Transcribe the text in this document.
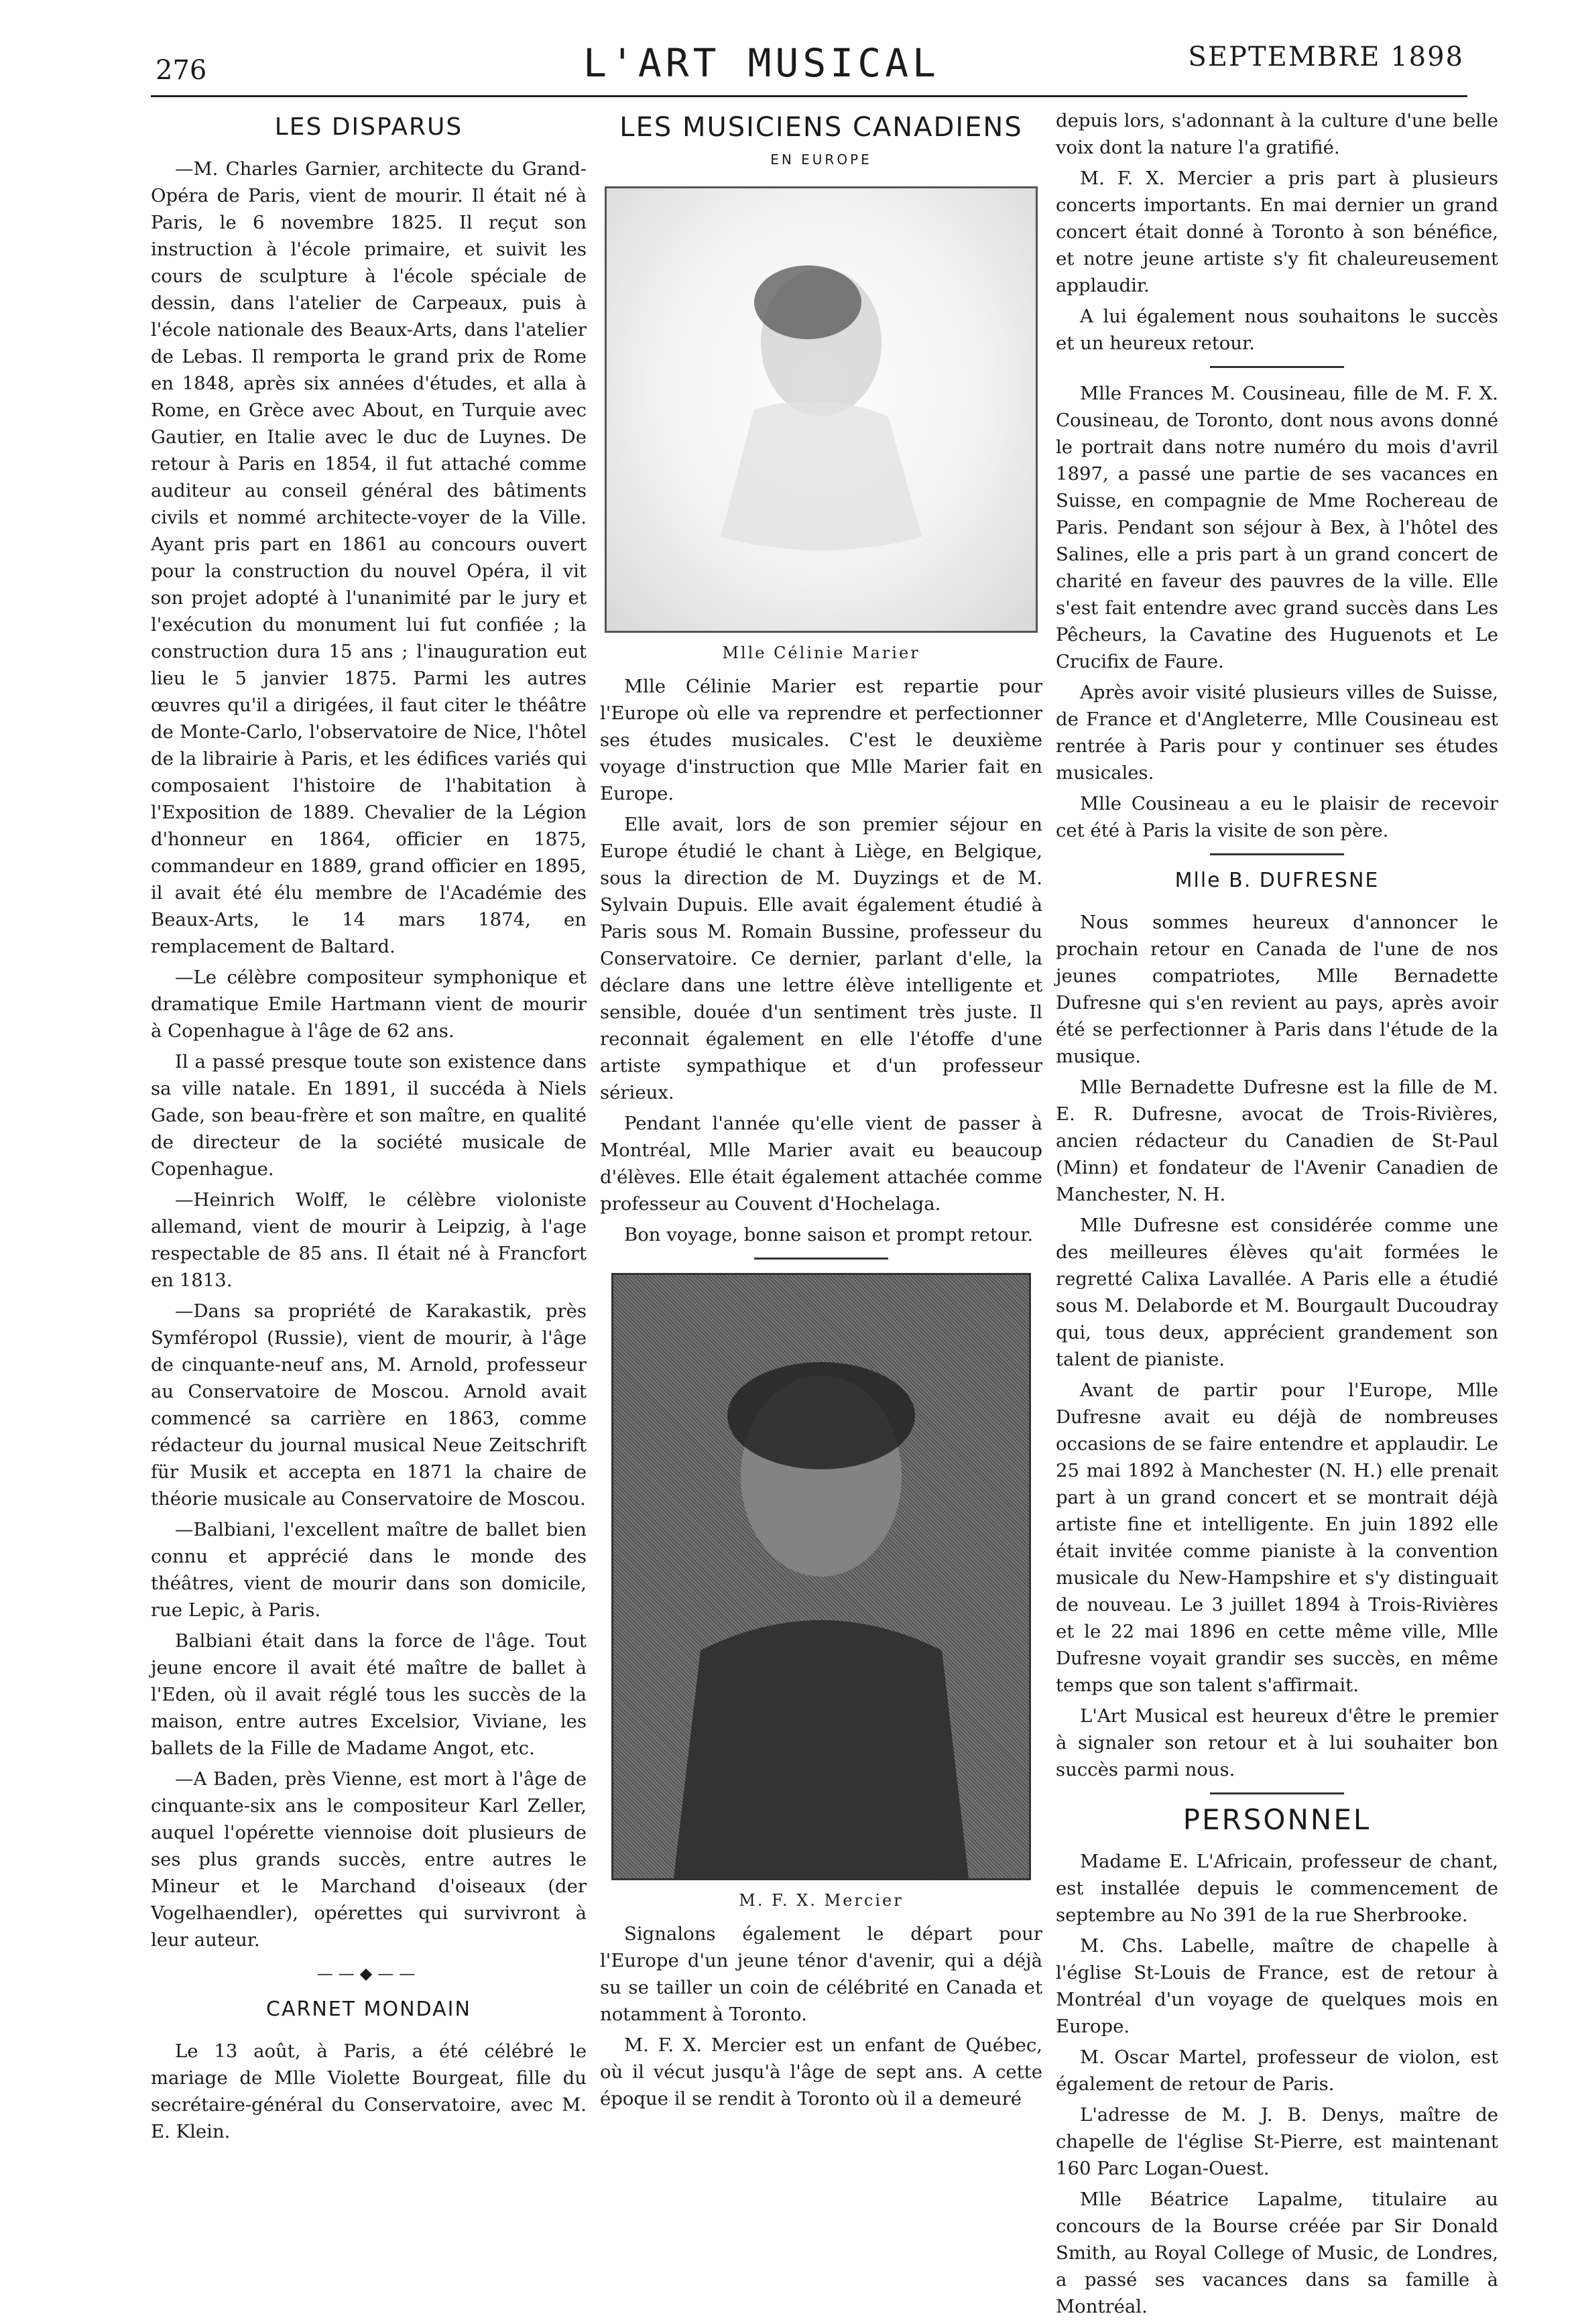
276	L'ART MUSICAL	SEPTEMBRE 1898
LES DISPARUS

—M. Charles Garnier, architecte du Grand-Opéra de Paris, vient de mourir. Il était né à Paris, le 6 novembre 1825. Il reçut son instruction à l'école primaire, et suivit les cours de sculpture à l'école spéciale de dessin, dans l'atelier de Carpeaux, puis à l'école nationale des Beaux-Arts, dans l'atelier de Lebas. Il remporta le grand prix de Rome en 1848, après six années d'études, et alla à Rome, en Grèce avec About, en Turquie avec Gautier, en Italie avec le duc de Luynes. De retour à Paris en 1854, il fut attaché comme auditeur au conseil général des bâtiments civils et nommé architecte-voyer de la Ville. Ayant pris part en 1861 au concours ouvert pour la construction du nouvel Opéra, il vit son projet adopté à l'unanimité par le jury et l'exécution du monument lui fut confiée ; la construction dura 15 ans ; l'inauguration eut lieu le 5 janvier 1875. Parmi les autres œuvres qu'il a dirigées, il faut citer le théâtre de Monte-Carlo, l'observatoire de Nice, l'hôtel de la librairie à Paris, et les édifices variés qui composaient l'histoire de l'habitation à l'Exposition de 1889. Chevalier de la Légion d'honneur en 1864, officier en 1875, commandeur en 1889, grand officier en 1895, il avait été élu membre de l'Académie des Beaux-Arts, le 14 mars 1874, en remplacement de Baltard.

—Le célèbre compositeur symphonique et dramatique Emile Hartmann vient de mourir à Copenhague à l'âge de 62 ans.

Il a passé presque toute son existence dans sa ville natale. En 1891, il succéda à Niels Gade, son beau-frère et son maître, en qualité de directeur de la société musicale de Copenhague.

—Heinrich Wolff, le célèbre violoniste allemand, vient de mourir à Leipzig, à l'age respectable de 85 ans. Il était né à Francfort en 1813.

—Dans sa propriété de Karakastik, près Symféropol (Russie), vient de mourir, à l'âge de cinquante-neuf ans, M. Arnold, professeur au Conservatoire de Moscou. Arnold avait commencé sa carrière en 1863, comme rédacteur du journal musical Neue Zeitschrift für Musik et accepta en 1871 la chaire de théorie musicale au Conservatoire de Moscou.

—Balbiani, l'excellent maître de ballet bien connu et apprécié dans le monde des théâtres, vient de mourir dans son domicile, rue Lepic, à Paris.

Balbiani était dans la force de l'âge. Tout jeune encore il avait été maître de ballet à l'Eden, où il avait réglé tous les succès de la maison, entre autres Excelsior, Viviane, les ballets de la Fille de Madame Angot, etc.

—A Baden, près Vienne, est mort à l'âge de cinquante-six ans le compositeur Karl Zeller, auquel l'opérette viennoise doit plusieurs de ses plus grands succès, entre autres le Mineur et le Marchand d'oiseaux (der Vogelhaendler), opérettes qui survivront à leur auteur.

——◆——
CARNET MONDAIN

Le 13 août, à Paris, a été célébré le mariage de Mlle Violette Bourgeat, fille du secrétaire-général du Conservatoire, avec M. E. Klein.

LES MUSICIENS CANADIENS
EN EUROPE
Mlle Célinie Marier

Mlle Célinie Marier est repartie pour l'Europe où elle va reprendre et perfectionner ses études musicales. C'est le deuxième voyage d'instruction que Mlle Marier fait en Europe.

Elle avait, lors de son premier séjour en Europe étudié le chant à Liège, en Belgique, sous la direction de M. Duyzings et de M. Sylvain Dupuis. Elle avait également étudié à Paris sous M. Romain Bussine, professeur du Conservatoire. Ce dernier, parlant d'elle, la déclare dans une lettre élève intelligente et sensible, douée d'un sentiment très juste. Il reconnait également en elle l'étoffe d'une artiste sympathique et d'un professeur sérieux.

Pendant l'année qu'elle vient de passer à Montréal, Mlle Marier avait eu beaucoup d'élèves. Elle était également attachée comme professeur au Couvent d'Hochelaga.

Bon voyage, bonne saison et prompt retour.

M. F. X. Mercier

Signalons également le départ pour l'Europe d'un jeune ténor d'avenir, qui a déjà su se tailler un coin de célébrité en Canada et notamment à Toronto.

M. F. X. Mercier est un enfant de Québec, où il vécut jusqu'à l'âge de sept ans. A cette époque il se rendit à Toronto où il a demeuré

depuis lors, s'adonnant à la culture d'une belle voix dont la nature l'a gratifié.

M. F. X. Mercier a pris part à plusieurs concerts importants. En mai dernier un grand concert était donné à Toronto à son bénéfice, et notre jeune artiste s'y fit chaleureusement applaudir.

A lui également nous souhaitons le succès et un heureux retour.

Mlle Frances M. Cousineau, fille de M. F. X. Cousineau, de Toronto, dont nous avons donné le portrait dans notre numéro du mois d'avril 1897, a passé une partie de ses vacances en Suisse, en compagnie de Mme Rochereau de Paris. Pendant son séjour à Bex, à l'hôtel des Salines, elle a pris part à un grand concert de charité en faveur des pauvres de la ville. Elle s'est fait entendre avec grand succès dans Les Pêcheurs, la Cavatine des Huguenots et Le Crucifix de Faure.

Après avoir visité plusieurs villes de Suisse, de France et d'Angleterre, Mlle Cousineau est rentrée à Paris pour y continuer ses études musicales.

Mlle Cousineau a eu le plaisir de recevoir cet été à Paris la visite de son père.

Mlle B. DUFRESNE

Nous sommes heureux d'annoncer le prochain retour en Canada de l'une de nos jeunes compatriotes, Mlle Bernadette Dufresne qui s'en revient au pays, après avoir été se perfectionner à Paris dans l'étude de la musique.

Mlle Bernadette Dufresne est la fille de M. E. R. Dufresne, avocat de Trois-Rivières, ancien rédacteur du Canadien de St-Paul (Minn) et fondateur de l'Avenir Canadien de Manchester, N. H.

Mlle Dufresne est considérée comme une des meilleures élèves qu'ait formées le regretté Calixa Lavallée. A Paris elle a étudié sous M. Delaborde et M. Bourgault Ducoudray qui, tous deux, apprécient grandement son talent de pianiste.

Avant de partir pour l'Europe, Mlle Dufresne avait eu déjà de nombreuses occasions de se faire entendre et applaudir. Le 25 mai 1892 à Manchester (N. H.) elle prenait part à un grand concert et se montrait déjà artiste fine et intelligente. En juin 1892 elle était invitée comme pianiste à la convention musicale du New-Hampshire et s'y distinguait de nouveau. Le 3 juillet 1894 à Trois-Rivières et le 22 mai 1896 en cette même ville, Mlle Dufresne voyait grandir ses succès, en même temps que son talent s'affirmait.

L'Art Musical est heureux d'être le premier à signaler son retour et à lui souhaiter bon succès parmi nous.

PERSONNEL

Madame E. L'Africain, professeur de chant, est installée depuis le commencement de septembre au No 391 de la rue Sherbrooke.

M. Chs. Labelle, maître de chapelle à l'église St-Louis de France, est de retour à Montréal d'un voyage de quelques mois en Europe.

M. Oscar Martel, professeur de violon, est également de retour de Paris.

L'adresse de M. J. B. Denys, maître de chapelle de l'église St-Pierre, est maintenant 160 Parc Logan-Ouest.

Mlle Béatrice Lapalme, titulaire au concours de la Bourse créée par Sir Donald Smith, au Royal College of Music, de Londres, a passé ses vacances dans sa famille à Montréal.
